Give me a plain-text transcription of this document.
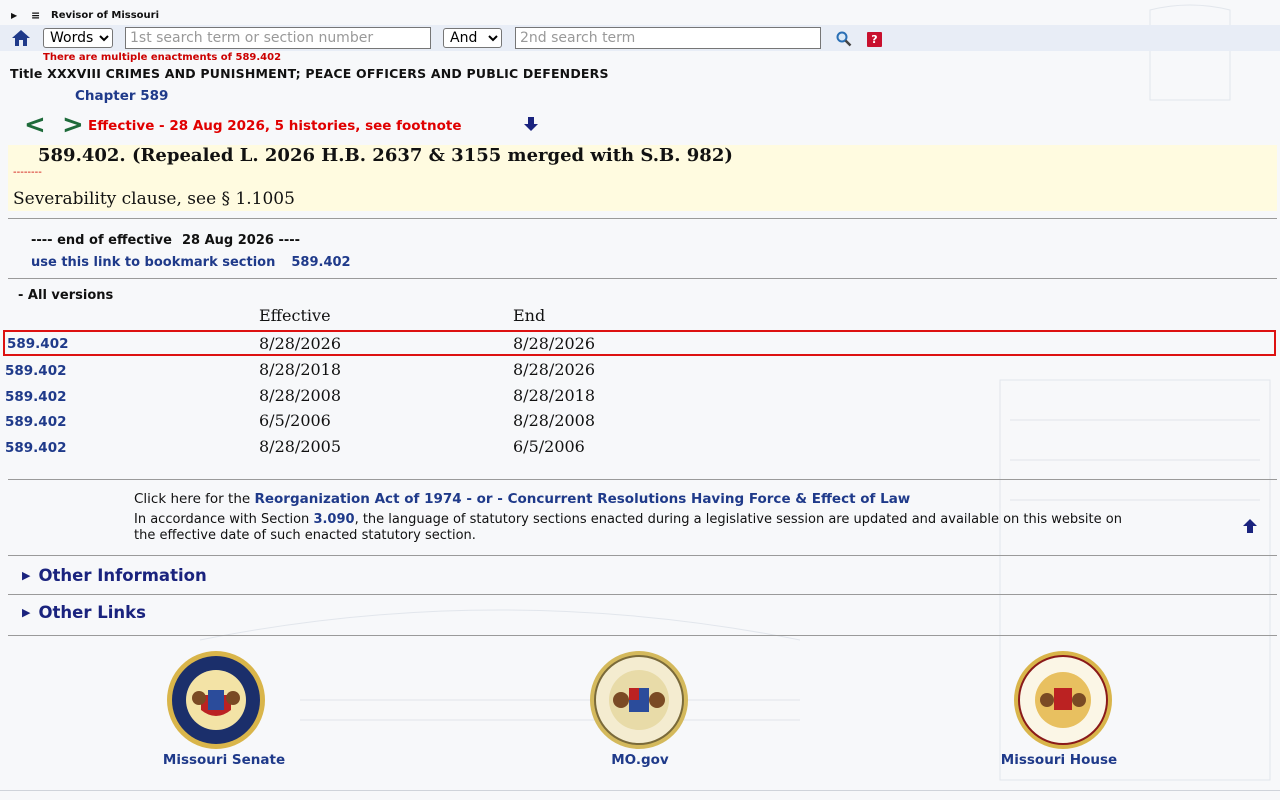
▶ ≡ Revisor of Missouri
Words
1st search term or section number
And
2nd search term
?
There are multiple enactments of 589.402
Title XXXVIII CRIMES AND PUNISHMENT; PEACE OFFICERS AND PUBLIC DEFENDERS
Chapter 589
< > Effective - 28 Aug 2026, 5 histories, see footnote
589.402. (Repealed L. 2026 H.B. 2637 & 3155 merged with S.B. 982)
--------
Severability clause, see § 1.1005
---- end of effective 28 Aug 2026 ----
use this link to bookmark section 589.402
- All versions
Effective	End
589.402	8/28/2026	8/28/2026
589.402	8/28/2018	8/28/2026
589.402	8/28/2008	8/28/2018
589.402	6/5/2006	8/28/2008
589.402	8/28/2005	6/5/2006
Click here for the Reorganization Act of 1974 - or - Concurrent Resolutions Having Force & Effect of Law
In accordance with Section 3.090, the language of statutory sections enacted during a legislative session are updated and available on this website on the effective date of such enacted statutory section.
▶ Other Information
▶ Other Links
Missouri Senate	MO.gov	Missouri House
